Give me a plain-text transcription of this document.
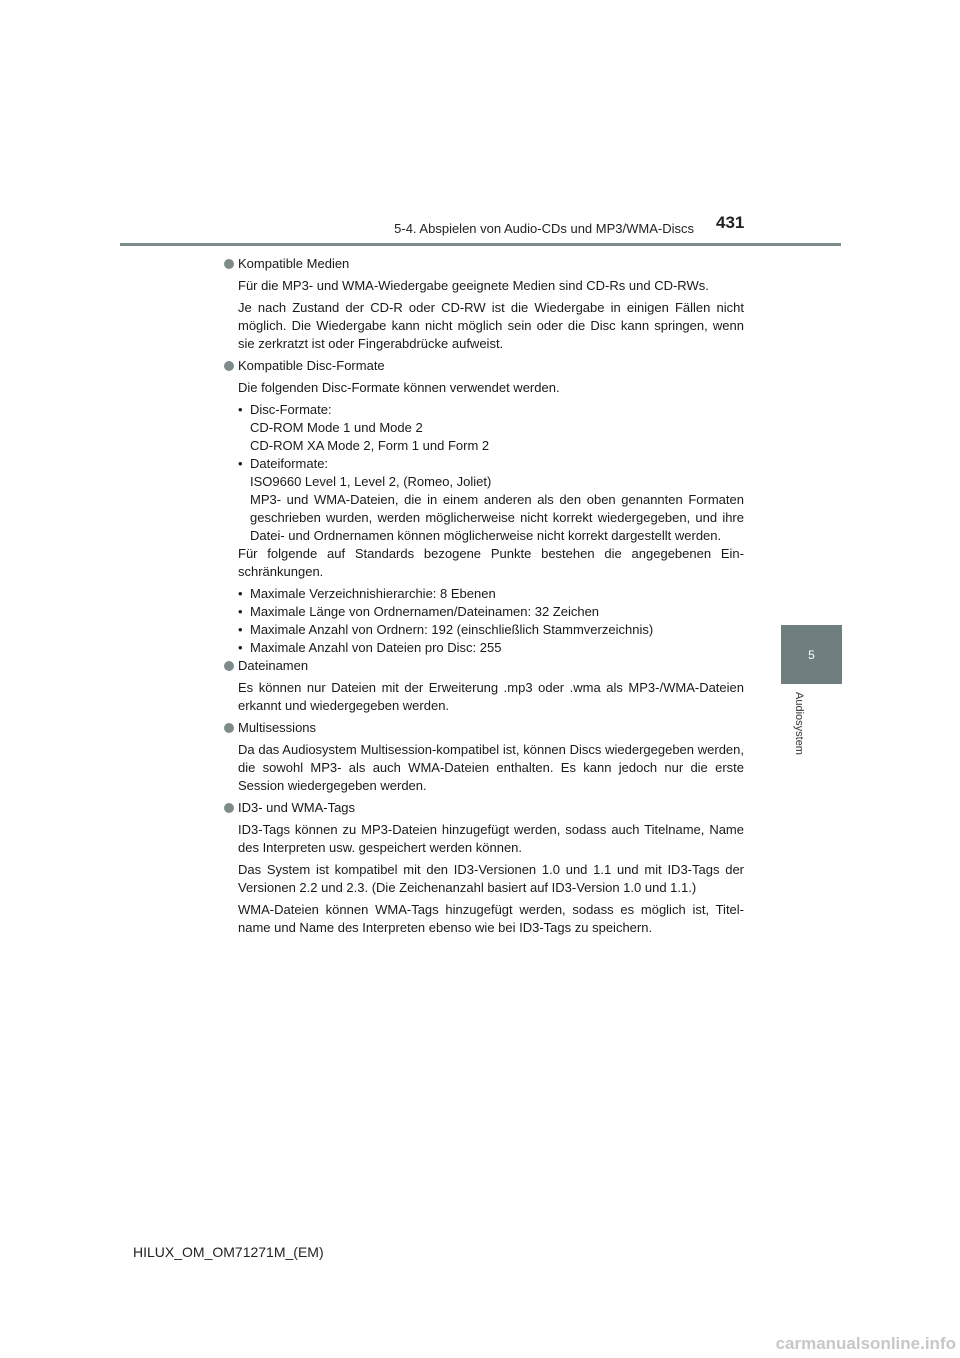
5-4. Abspielen von Audio-CDs und MP3/WMA-Discs 431
5
Audiosystem
Kompatible Medien

Für die MP3- und WMA-Wiedergabe geeignete Medien sind CD-Rs und CD-RWs.

Je nach Zustand der CD-R oder CD-RW ist die Wiedergabe in einigen Fällen nicht möglich. Die Wiedergabe kann nicht möglich sein oder die Disc kann springen, wenn sie zerkratzt ist oder Fingerabdrücke aufweist.

Kompatible Disc-Formate

Die folgenden Disc-Formate können verwendet werden.

• Disc-Formate:
CD-ROM Mode 1 und Mode 2
CD-ROM XA Mode 2, Form 1 und Form 2
• Dateiformate:
ISO9660 Level 1, Level 2, (Romeo, Joliet)
MP3- und WMA-Dateien, die in einem anderen als den oben genannten Formaten geschrieben wurden, werden möglicherweise nicht korrekt wiedergegeben, und ihre Datei- und Ordnernamen können möglicherweise nicht korrekt dargestellt werden.

Für folgende auf Standards bezogene Punkte bestehen die angegebenen Ein-schränkungen.

• Maximale Verzeichnishierarchie: 8 Ebenen
• Maximale Länge von Ordnernamen/Dateinamen: 32 Zeichen
• Maximale Anzahl von Ordnern: 192 (einschließlich Stammverzeichnis)
• Maximale Anzahl von Dateien pro Disc: 255
Dateinamen

Es können nur Dateien mit der Erweiterung .mp3 oder .wma als MP3-/WMA-Dateien erkannt und wiedergegeben werden.

Multisessions

Da das Audiosystem Multisession-kompatibel ist, können Discs wiedergegeben werden, die sowohl MP3- als auch WMA-Dateien enthalten. Es kann jedoch nur die erste Session wiedergegeben werden.

ID3- und WMA-Tags

ID3-Tags können zu MP3-Dateien hinzugefügt werden, sodass auch Titelname, Name des Interpreten usw. gespeichert werden können.

Das System ist kompatibel mit den ID3-Versionen 1.0 und 1.1 und mit ID3-Tags der Versionen 2.2 und 2.3. (Die Zeichenanzahl basiert auf ID3-Version 1.0 und 1.1.)

WMA-Dateien können WMA-Tags hinzugefügt werden, sodass es möglich ist, Titel-name und Name des Interpreten ebenso wie bei ID3-Tags zu speichern.

HILUX_OM_OM71271M_(EM)
carmanualsonline.info
